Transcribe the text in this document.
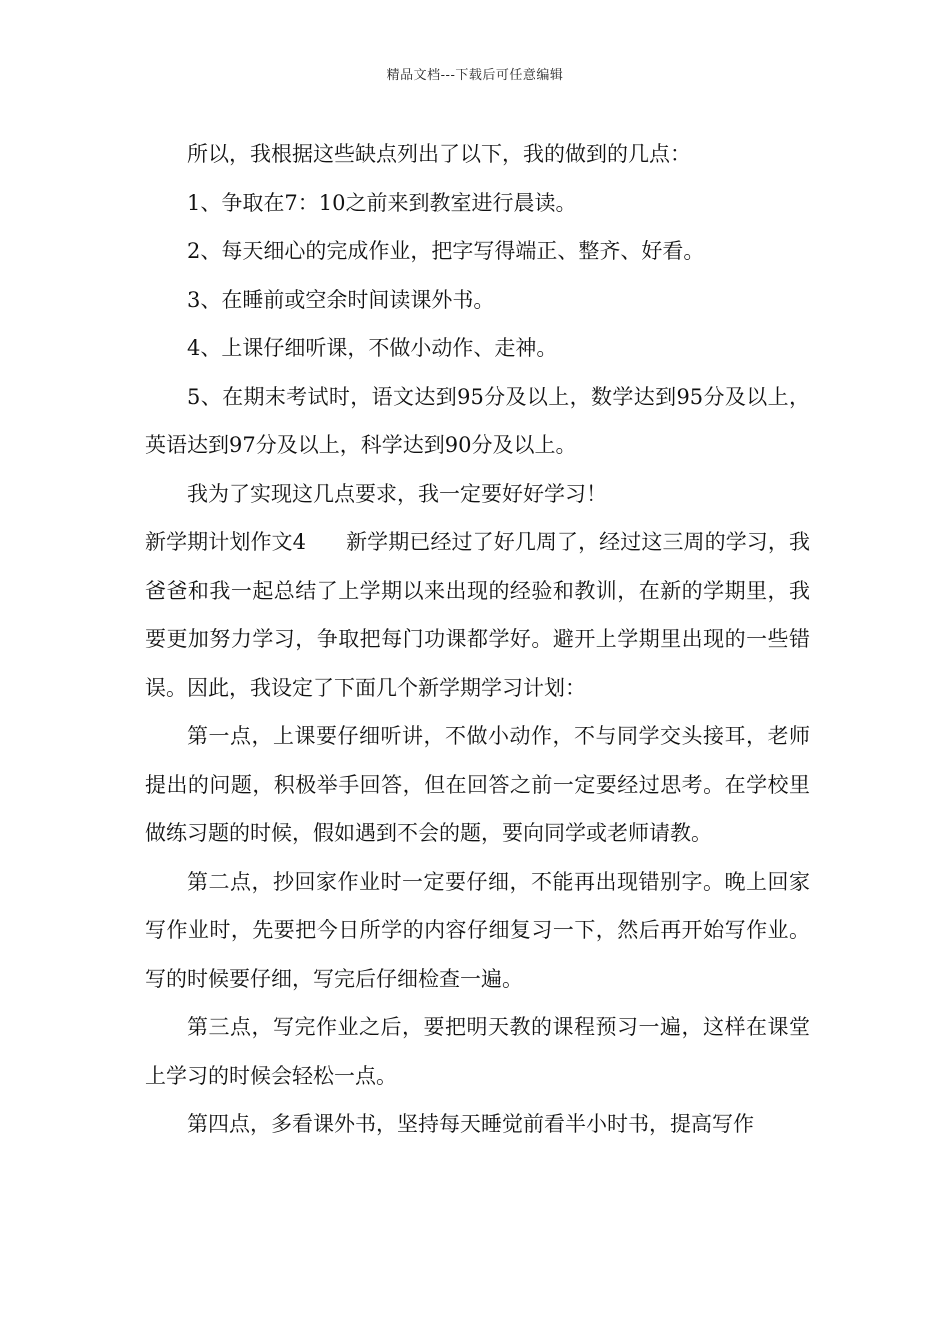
精品文档---下载后可任意编辑

所以，我根据这些缺点列出了以下，我的做到的几点：

1、争取在7：10之前来到教室进行晨读。

2、每天细心的完成作业，把字写得端正、整齐、好看。

3、在睡前或空余时间读课外书。

4、上课仔细听课，不做小动作、走神。

5、在期末考试时，语文达到95分及以上，数学达到95分及以上，英语达到97分及以上，科学达到90分及以上。

我为了实现这几点要求，我一定要好好学习！

新学期计划作文4 新学期已经过了好几周了，经过这三周的学习，我爸爸和我一起总结了上学期以来出现的经验和教训，在新的学期里，我要更加努力学习，争取把每门功课都学好。避开上学期里出现的一些错误。因此，我设定了下面几个新学期学习计划：

第一点，上课要仔细听讲，不做小动作，不与同学交头接耳，老师提出的问题，积极举手回答，但在回答之前一定要经过思考。在学校里做练习题的时候，假如遇到不会的题，要向同学或老师请教。

第二点，抄回家作业时一定要仔细，不能再出现错别字。晚上回家写作业时，先要把今日所学的内容仔细复习一下，然后再开始写作业。写的时候要仔细，写完后仔细检查一遍。

第三点，写完作业之后，要把明天教的课程预习一遍，这样在课堂上学习的时候会轻松一点。

第四点，多看课外书，坚持每天睡觉前看半小时书，提高写作
